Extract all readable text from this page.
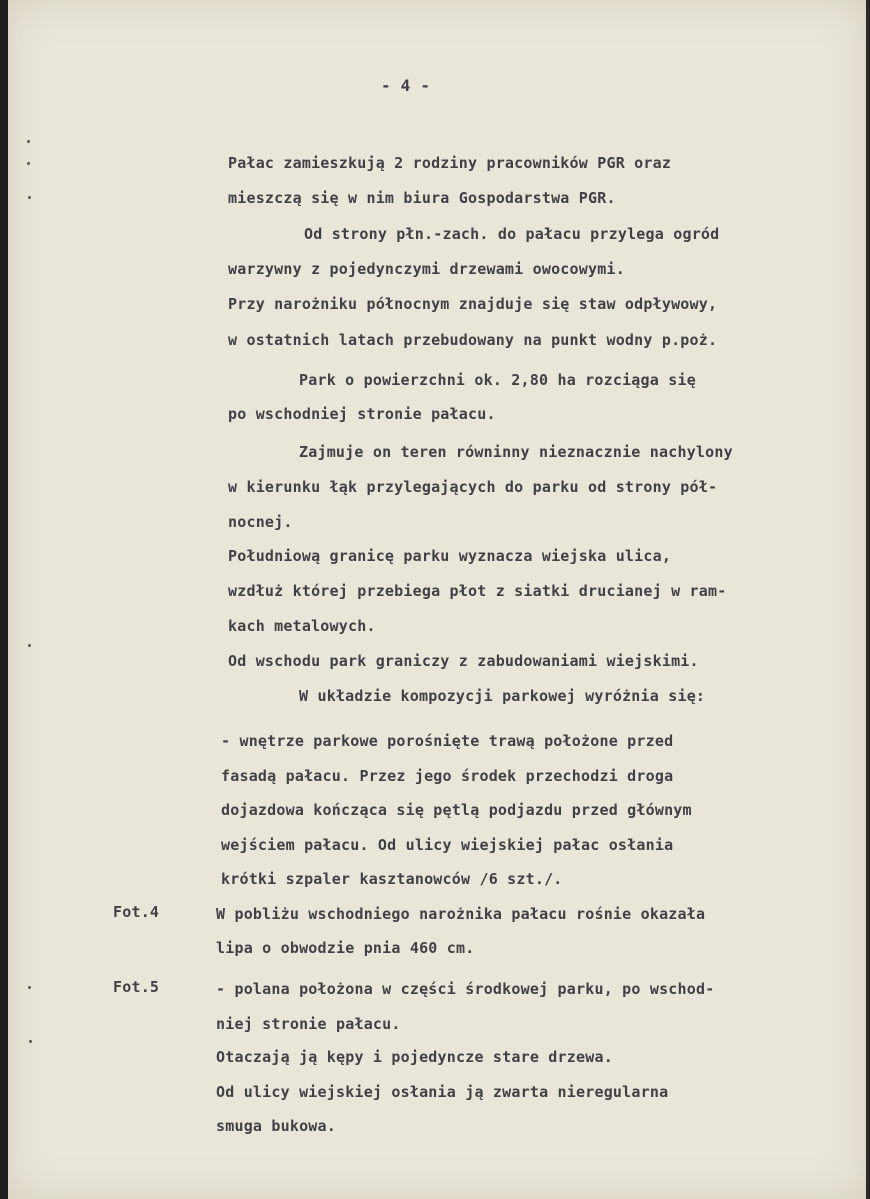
- 4 -
Pałac zamieszkują 2 rodziny pracowników PGR oraz
mieszczą się w nim biura Gospodarstwa PGR.
Od strony płn.-zach. do pałacu przylega ogród
warzywny z pojedynczymi drzewami owocowymi.
Przy narożniku północnym znajduje się staw odpływowy,
w ostatnich latach przebudowany na punkt wodny p.poż.
Park o powierzchni ok. 2,80 ha rozciąga się
po wschodniej stronie pałacu.
Zajmuje on teren równinny nieznacznie nachylony
w kierunku łąk przylegających do parku od strony pół-
nocnej.
Południową granicę parku wyznacza wiejska ulica,
wzdłuż której przebiega płot z siatki drucianej w ram-
kach metalowych.
Od wschodu park graniczy z zabudowaniami wiejskimi.
W układzie kompozycji parkowej wyróżnia się:
- wnętrze parkowe porośnięte trawą położone przed
fasadą pałacu. Przez jego środek przechodzi droga
dojazdowa kończąca się pętlą podjazdu przed głównym
wejściem pałacu. Od ulicy wiejskiej pałac osłania
krótki szpaler kasztanowców /6 szt./.
Fot.4	W pobliżu wschodniego narożnika pałacu rośnie okazała
lipa o obwodzie pnia 460 cm.
Fot.5	- polana położona w części środkowej parku, po wschod-
niej stronie pałacu.
Otaczają ją kępy i pojedyncze stare drzewa.
Od ulicy wiejskiej osłania ją zwarta nieregularna
smuga bukowa.
